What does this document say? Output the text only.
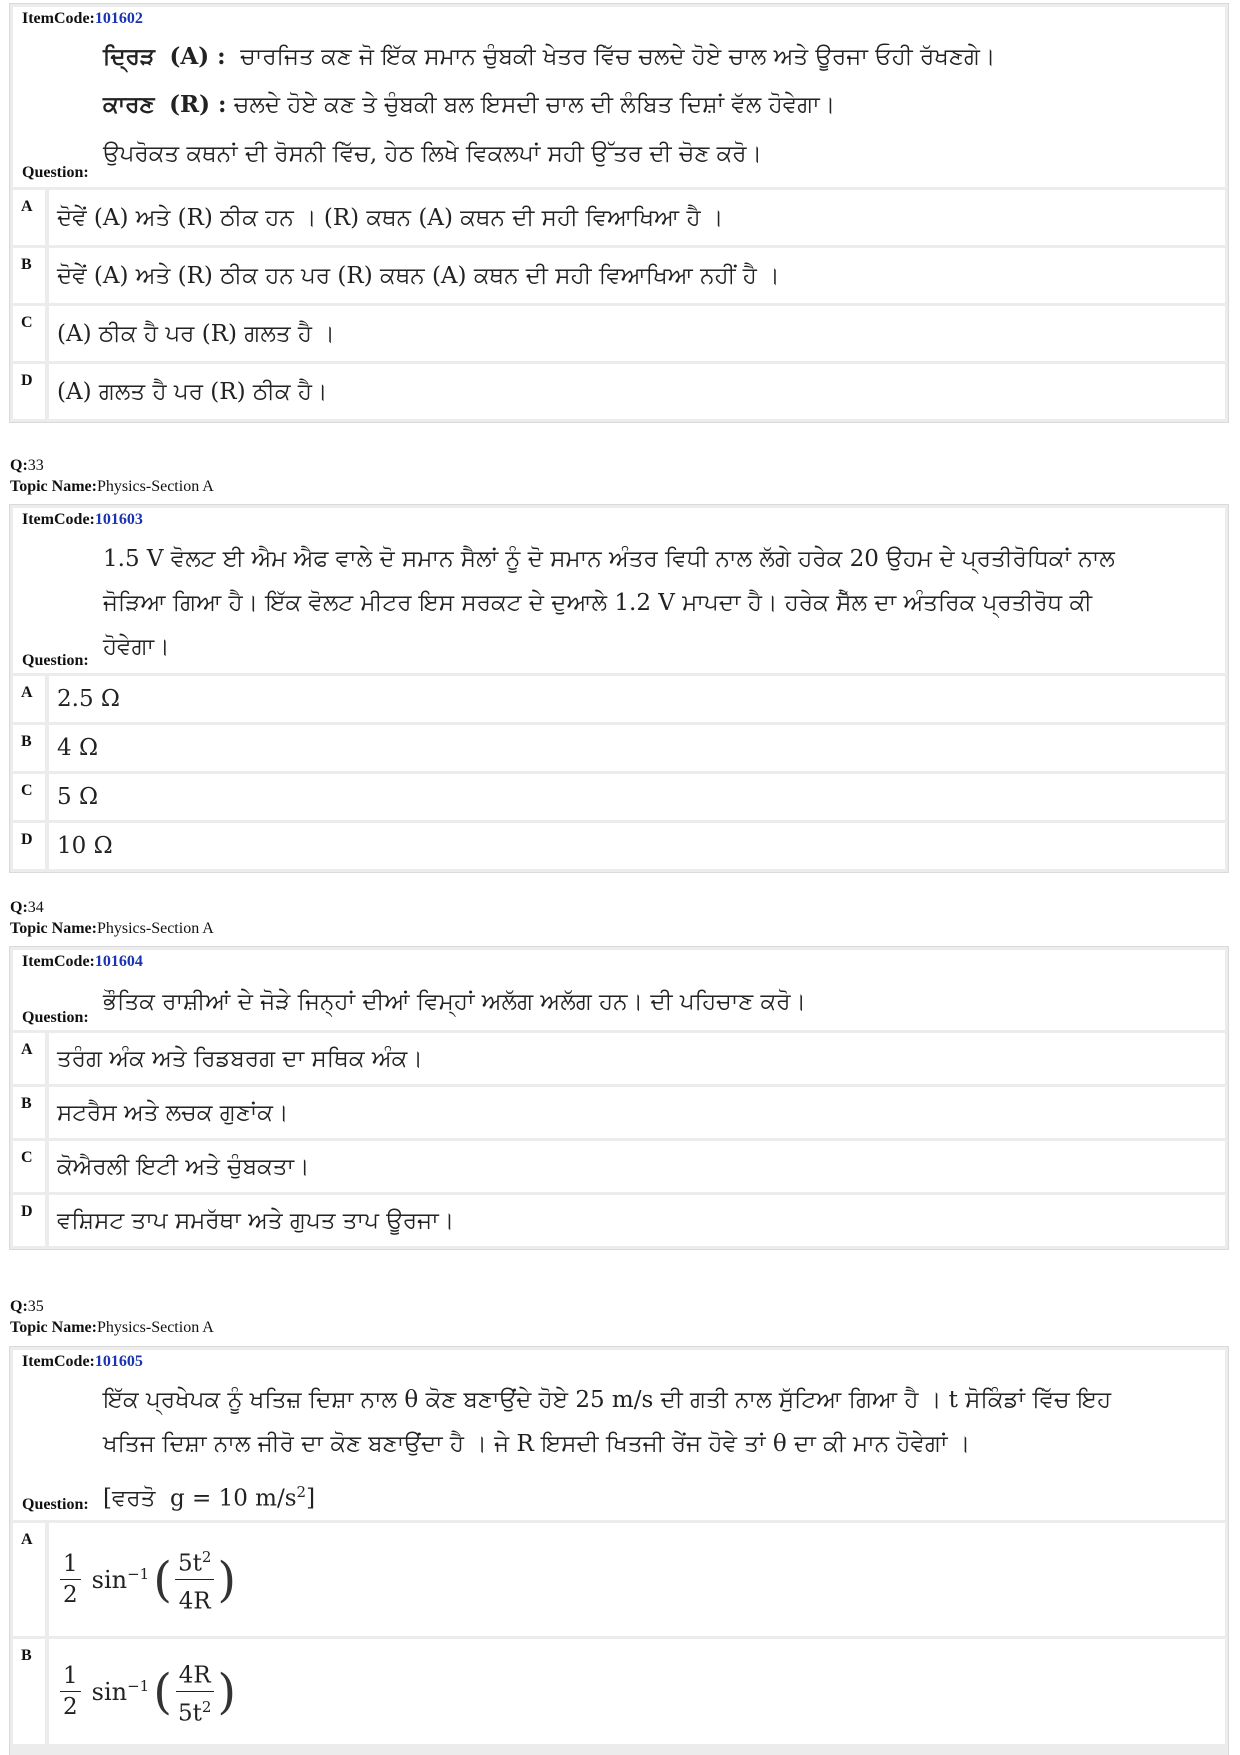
ItemCode:101602
ਦ੍ਰਿੜ (A) : ਚਾਰਜਿਤ ਕਣ ਜੋ ਇੱਕ ਸਮਾਨ ਚੁੰਬਕੀ ਖੇਤਰ ਵਿੱਚ ਚਲਦੇ ਹੋਏ ਚਾਲ ਅਤੇ ਊਰਜਾ ਓਹੀ ਰੱਖਣਗੇ।
ਕਾਰਣ (R) : ਚਲਦੇ ਹੋਏ ਕਣ ਤੇ ਚੁੰਬਕੀ ਬਲ ਇਸਦੀ ਚਾਲ ਦੀ ਲੰਬਿਤ ਦਿਸ਼ਾਂ ਵੱਲ ਹੋਵੇਗਾ।
Question:
ਉਪਰੋਕਤ ਕਥਨਾਂ ਦੀ ਰੋਸਨੀ ਵਿੱਚ, ਹੇਠ ਲਿਖੇ ਵਿਕਲਪਾਂ ਸਹੀ ਉੱਤਰ ਦੀ ਚੋਣ ਕਰੋ।
A	ਦੋਵੇਂ (A) ਅਤੇ (R) ਠੀਕ ਹਨ । (R) ਕਥਨ (A) ਕਥਨ ਦੀ ਸਹੀ ਵਿਆਖਿਆ ਹੈ ।
B	ਦੋਵੇਂ (A) ਅਤੇ (R) ਠੀਕ ਹਨ ਪਰ (R) ਕਥਨ (A) ਕਥਨ ਦੀ ਸਹੀ ਵਿਆਖਿਆ ਨਹੀਂ ਹੈ ।
C	(A) ਠੀਕ ਹੈ ਪਰ (R) ਗਲਤ ਹੈ ।
D	(A) ਗਲਤ ਹੈ ਪਰ (R) ਠੀਕ ਹੈ।
Q:33
Topic Name:Physics-Section A
ItemCode:101603
1.5 V ਵੋਲਟ ਈ ਐਮ ਐਫ ਵਾਲੇ ਦੋ ਸਮਾਨ ਸੈਲਾਂ ਨੂੰ ਦੋ ਸਮਾਨ ਅੰਤਰ ਵਿਧੀ ਨਾਲ ਲੱਗੇ ਹਰੇਕ 20 ਉਹਮ ਦੇ ਪ੍ਰਤੀਰੋਧਿਕਾਂ ਨਾਲ
ਜੋੜਿਆ ਗਿਆ ਹੈ। ਇੱਕ ਵੋਲਟ ਮੀਟਰ ਇਸ ਸਰਕਟ ਦੇ ਦੁਆਲੇ 1.2 V ਮਾਪਦਾ ਹੈ। ਹਰੇਕ ਸੈੱਲ ਦਾ ਅੰਤਰਿਕ ਪ੍ਰਤੀਰੋਧ ਕੀ
ਹੋਵੇਗਾ।
Question:
A	2.5 Ω
B	4 Ω
C	5 Ω
D	10 Ω
Q:34
Topic Name:Physics-Section A
ItemCode:101604
ਭੌਤਿਕ ਰਾਸ਼ੀਆਂ ਦੇ ਜੋੜੇ ਜਿਨ੍ਹਾਂ ਦੀਆਂ ਵਿਮ੍ਹਾਂ ਅਲੱਗ ਅਲੱਗ ਹਨ। ਦੀ ਪਹਿਚਾਣ ਕਰੋ।
Question:
A	ਤਰੰਗ ਅੰਕ ਅਤੇ ਰਿਡਬਰਗ ਦਾ ਸਥਿਕ ਅੰਕ।
B	ਸਟਰੈਸ ਅਤੇ ਲਚਕ ਗੁਣਾਂਕ।
C	ਕੋਐਰਲੀ ਇਟੀ ਅਤੇ ਚੁੰਬਕਤਾ।
D	ਵਸ਼ਿਸਟ ਤਾਪ ਸਮਰੱਥਾ ਅਤੇ ਗੁਪਤ ਤਾਪ ਊਰਜਾ।
Q:35
Topic Name:Physics-Section A
ItemCode:101605
ਇੱਕ ਪ੍ਰਖੇਪਕ ਨੂੰ ਖਤਿਜ਼ ਦਿਸ਼ਾ ਨਾਲ θ ਕੋਣ ਬਣਾਉਂਦੇ ਹੋਏ 25 m/s ਦੀ ਗਤੀ ਨਾਲ ਸੁੱਟਿਆ ਗਿਆ ਹੈ । t ਸੋਕਿੰਡਾਂ ਵਿੱਚ ਇਹ
ਖਤਿਜ ਦਿਸ਼ਾ ਨਾਲ ਜੀਰੋ ਦਾ ਕੋਣ ਬਣਾਉਂਦਾ ਹੈ । ਜੇ R ਇਸਦੀ ਖਿਤਜੀ ਰੇਂਜ ਹੋਵੇ ਤਾਂ θ ਦਾ ਕੀ ਮਾਨ ਹੋਵੇਗਾਂ ।
[ਵਰਤੋ g = 10 $m/s^2$]
Question:
A
$\frac{1}{2} \sin^{-1}$ ( $\frac{5t^2}{4R}$ )
B
$\frac{1}{2} \sin^{-1}$ ( $\frac{4R}{5t^2}$ )
